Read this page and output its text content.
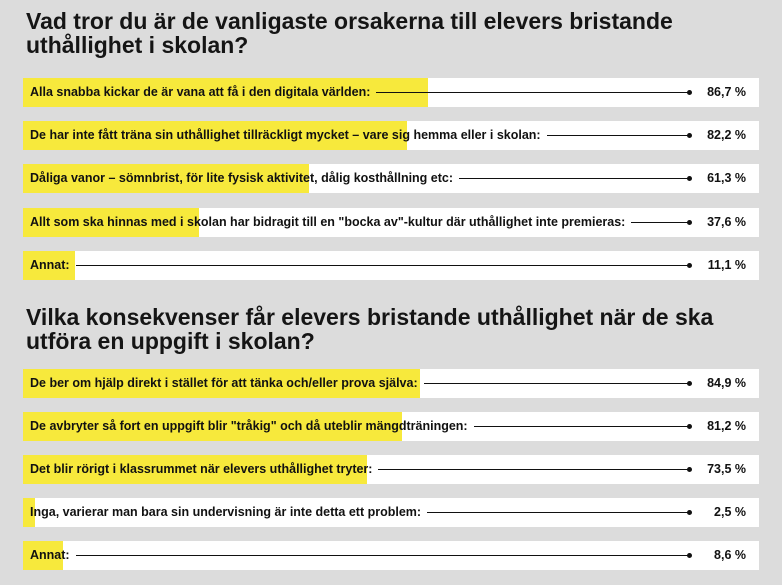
Vad tror du är de vanligaste orsakerna till elevers bristande uthållighet i skolan?
Alla snabba kickar de är vana att få i den digitala världen:	86,7 %
De har inte fått träna sin uthållighet tillräckligt mycket – vare sig hemma eller i skolan:	82,2 %
Dåliga vanor – sömnbrist, för lite fysisk aktivitet, dålig kosthållning etc:	61,3 %
Allt som ska hinnas med i skolan har bidragit till en "bocka av"-kultur där uthållighet inte premieras:	37,6 %
Annat:	11,1 %
Vilka konsekvenser får elevers bristande uthållighet när de ska utföra en uppgift i skolan?
De ber om hjälp direkt i stället för att tänka och/eller prova själva:	84,9 %
De avbryter så fort en uppgift blir "tråkig" och då uteblir mängdträningen:	81,2 %
Det blir rörigt i klassrummet när elevers uthållighet tryter:	73,5 %
Inga, varierar man bara sin undervisning är inte detta ett problem:	2,5 %
Annat:	8,6 %
